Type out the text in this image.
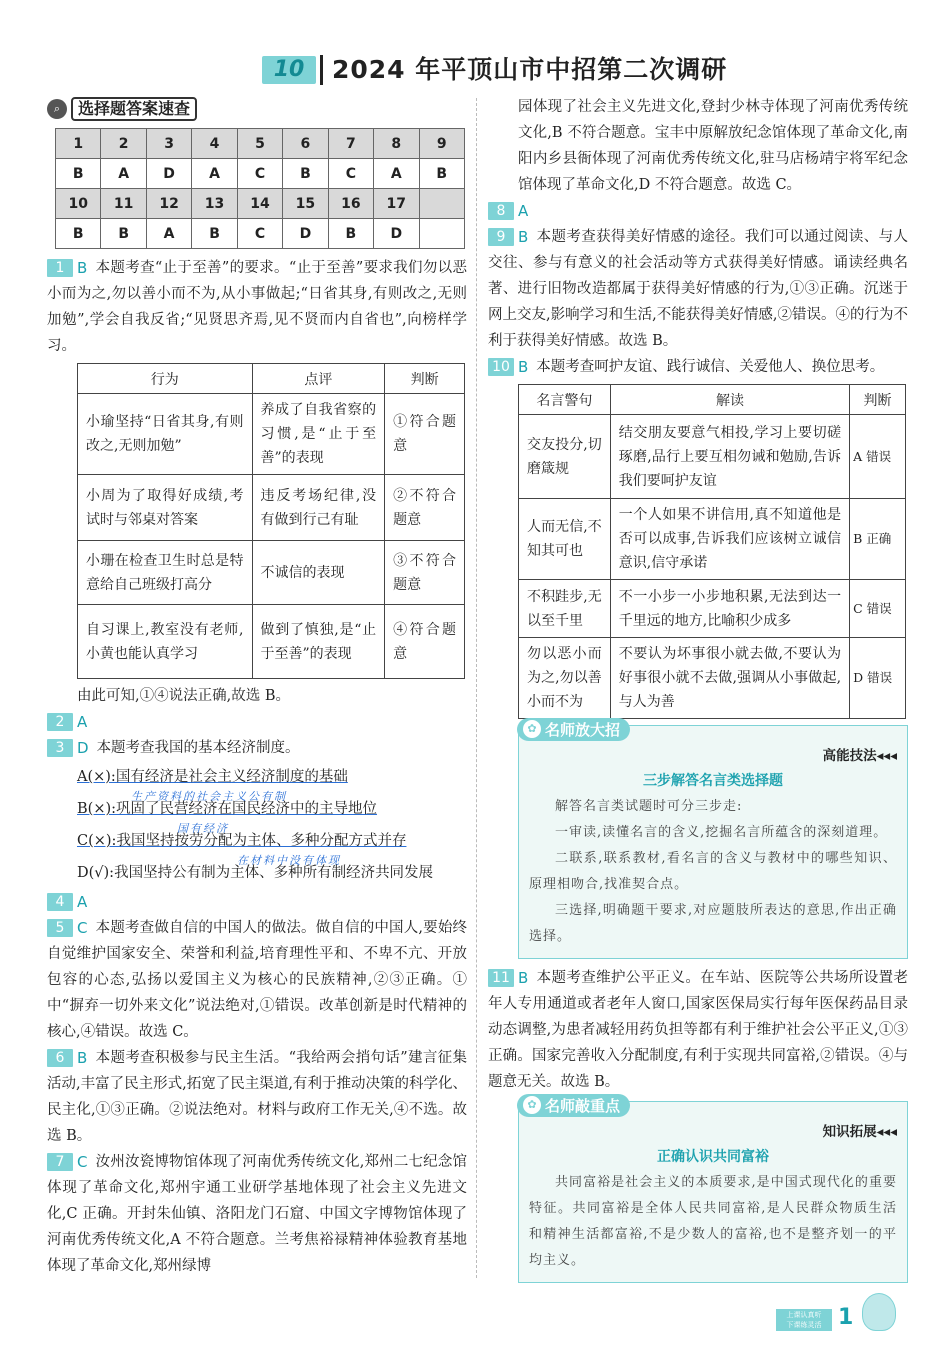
10	2024 年平顶山市中招第二次调研
⌕	选择题答案速查
1	2	3	4	5	6	7	8	9
B	A	D	A	C	B	C	A	B
10	11	12	13	14	15	16	17	
B	B	A	B	C	D	B	D	
1 B 本题考查“止于至善”的要求。“止于至善”要求我们勿以恶小而为之,勿以善小而不为,从小事做起;“日省其身,有则改之,无则加勉”,学会自我反省;“见贤思齐焉,见不贤而内自省也”,向榜样学习。
行为	点评	判断
小瑜坚持“日省其身,有则改之,无则加勉”	养成了自我省察的习惯,是“止于至善”的表现	①符合题意
小周为了取得好成绩,考试时与邻桌对答案	违反考场纪律,没有做到行己有耻	②不符合题意
小珊在检查卫生时总是特意给自己班级打高分	不诚信的表现	③不符合题意
自习课上,教室没有老师,小黄也能认真学习	做到了慎独,是“止于至善”的表现	④符合题意
由此可知,①④说法正确,故选 B。
2 A
3 D 本题考查我国的基本经济制度。
A(×):国有经济是社会主义经济制度的基础
生产资料的社会主义公有制
B(×):巩固了民营经济在国民经济中的主导地位
国有经济
C(×):我国坚持按劳分配为主体、多种分配方式并存
在材料中没有体现
D(√):我国坚持公有制为主体、多种所有制经济共同发展
4 A
5 C 本题考查做自信的中国人的做法。做自信的中国人,要始终自觉维护国家安全、荣誉和利益,培育理性平和、不卑不亢、开放包容的心态,弘扬以爱国主义为核心的民族精神,②③正确。①中“摒弃一切外来文化”说法绝对,①错误。改革创新是时代精神的核心,④错误。故选 C。
6 B 本题考查积极参与民主生活。“我给两会捎句话”建言征集活动,丰富了民主形式,拓宽了民主渠道,有利于推动决策的科学化、民主化,①③正确。②说法绝对。材料与政府工作无关,④不选。故选 B。
7 C 汝州汝瓷博物馆体现了河南优秀传统文化,郑州二七纪念馆体现了革命文化,郑州宇通工业研学基地体现了社会主义先进文化,C 正确。开封朱仙镇、洛阳龙门石窟、中国文字博物馆体现了河南优秀传统文化,A 不符合题意。兰考焦裕禄精神体验教育基地体现了革命文化,郑州绿博
园体现了社会主义先进文化,登封少林寺体现了河南优秀传统文化,B 不符合题意。宝丰中原解放纪念馆体现了革命文化,南阳内乡县衙体现了河南优秀传统文化,驻马店杨靖宇将军纪念馆体现了革命文化,D 不符合题意。故选 C。
8 A
9 B 本题考查获得美好情感的途径。我们可以通过阅读、与人交往、参与有意义的社会活动等方式获得美好情感。诵读经典名著、进行旧物改造都属于获得美好情感的行为,①③正确。沉迷于网上交友,影响学习和生活,不能获得美好情感,②错误。④的行为不利于获得美好情感。故选 B。
10 B 本题考查呵护友谊、践行诚信、关爱他人、换位思考。
名言警句	解读	判断
交友投分,切磨箴规	结交朋友要意气相投,学习上要切磋琢磨,品行上要互相勿诫和勉励,告诉我们要呵护友谊	A 错误
人而无信,不知其可也	一个人如果不讲信用,真不知道他是否可以成事,告诉我们应该树立诚信意识,信守承诺	B 正确
不积跬步,无以至千里	不一小步一小步地积累,无法到达一千里远的地方,比喻积少成多	C 错误
勿以恶小而为之,勿以善小而不为	不要认为坏事很小就去做,不要认为好事很小就不去做,强调从小事做起,与人为善	D 错误
✿ 名师放大招
高能技法◂◂◂
三步解答名言类选择题

解答名言类试题时可分三步走:

一审读,读懂名言的含义,挖掘名言所蕴含的深刻道理。

二联系,联系教材,看名言的含义与教材中的哪些知识、原理相吻合,找准契合点。

三选择,明确题干要求,对应题肢所表达的意思,作出正确选择。

11 B 本题考查维护公平正义。在车站、医院等公共场所设置老年人专用通道或者老年人窗口,国家医保局实行每年医保药品目录动态调整,为患者减轻用药负担等都有利于维护社会公平正义,①③正确。国家完善收入分配制度,有利于实现共同富裕,②错误。④与题意无关。故选 B。
✿ 名师敲重点
知识拓展◂◂◂
正确认识共同富裕

共同富裕是社会主义的本质要求,是中国式现代化的重要特征。共同富裕是全体人民共同富裕,是人民群众物质生活和精神生活都富裕,不是少数人的富裕,也不是整齐划一的平均主义。

上课认真听
下课练灵活 1
